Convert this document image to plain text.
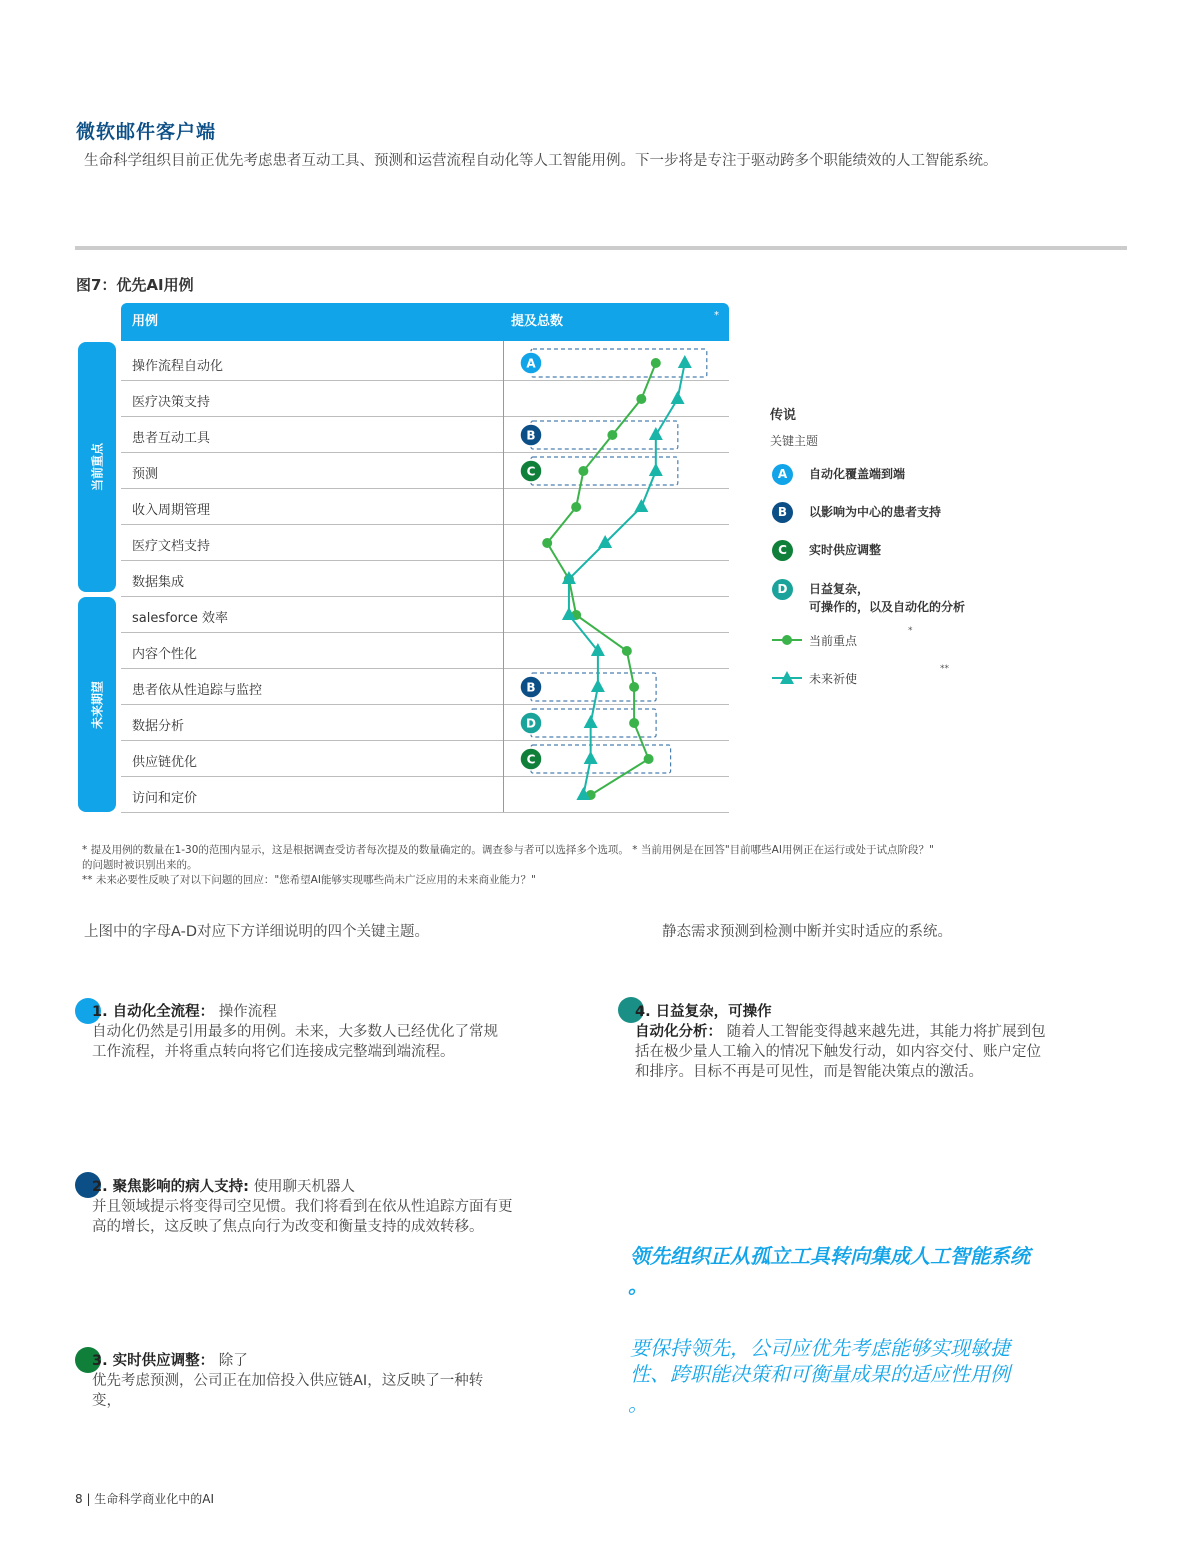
微软邮件客户端
生命科学组织目前正优先考虑患者互动工具、预测和运营流程自动化等人工智能用例。下一步将是专注于驱动跨多个职能绩效的人工智能系统。
图7：优先AI用例
用例	提及总数	*
当前重点
未来期望
操作流程自动化
医疗决策支持
患者互动工具
预测
收入周期管理
医疗文档支持
数据集成
salesforce 效率
内容个性化
患者依从性追踪与监控
数据分析
供应链优化
访问和定价
A
B
C
B
D
C
传说
关键主题
A	自动化覆盖端到端
B	以影响为中心的患者支持
C	实时供应调整
D	日益复杂，
可操作的，以及自动化的分析
当前重点
*
未来祈使
**
* 提及用例的数量在1-30的范围内显示，这是根据调查受访者每次提及的数量确定的。调查参与者可以选择多个选项。 * 当前用例是在回答"目前哪些AI用例正在运行或处于试点阶段？"
的问题时被识别出来的。
** 未来必要性反映了对以下问题的回应："您希望AI能够实现哪些尚未广泛应用的未来商业能力？"
上图中的字母A-D对应下方详细说明的四个关键主题。	静态需求预测到检测中断并实时适应的系统。
1. 自动化全流程： 操作流程
自动化仍然是引用最多的用例。未来，大多数人已经优化了常规
工作流程，并将重点转向将它们连接成完整端到端流程。
2. 聚焦影响的病人支持: 使用聊天机器人
并且领域提示将变得司空见惯。我们将看到在依从性追踪方面有更
高的增长，这反映了焦点向行为改变和衡量支持的成效转移。
3. 实时供应调整： 除了
优先考虑预测，公司正在加倍投入供应链AI，这反映了一种转
变，
4. 日益复杂，可操作
自动化分析： 随着人工智能变得越来越先进，其能力将扩展到包
括在极少量人工输入的情况下触发行动，如内容交付、账户定位
和排序。目标不再是可见性，而是智能决策点的激活。
领先组织正从孤立工具转向集成人工智能系统
。
要保持领先，公司应优先考虑能够实现敏捷
性、跨职能决策和可衡量成果的适应性用例
。
8 | 生命科学商业化中的AI
